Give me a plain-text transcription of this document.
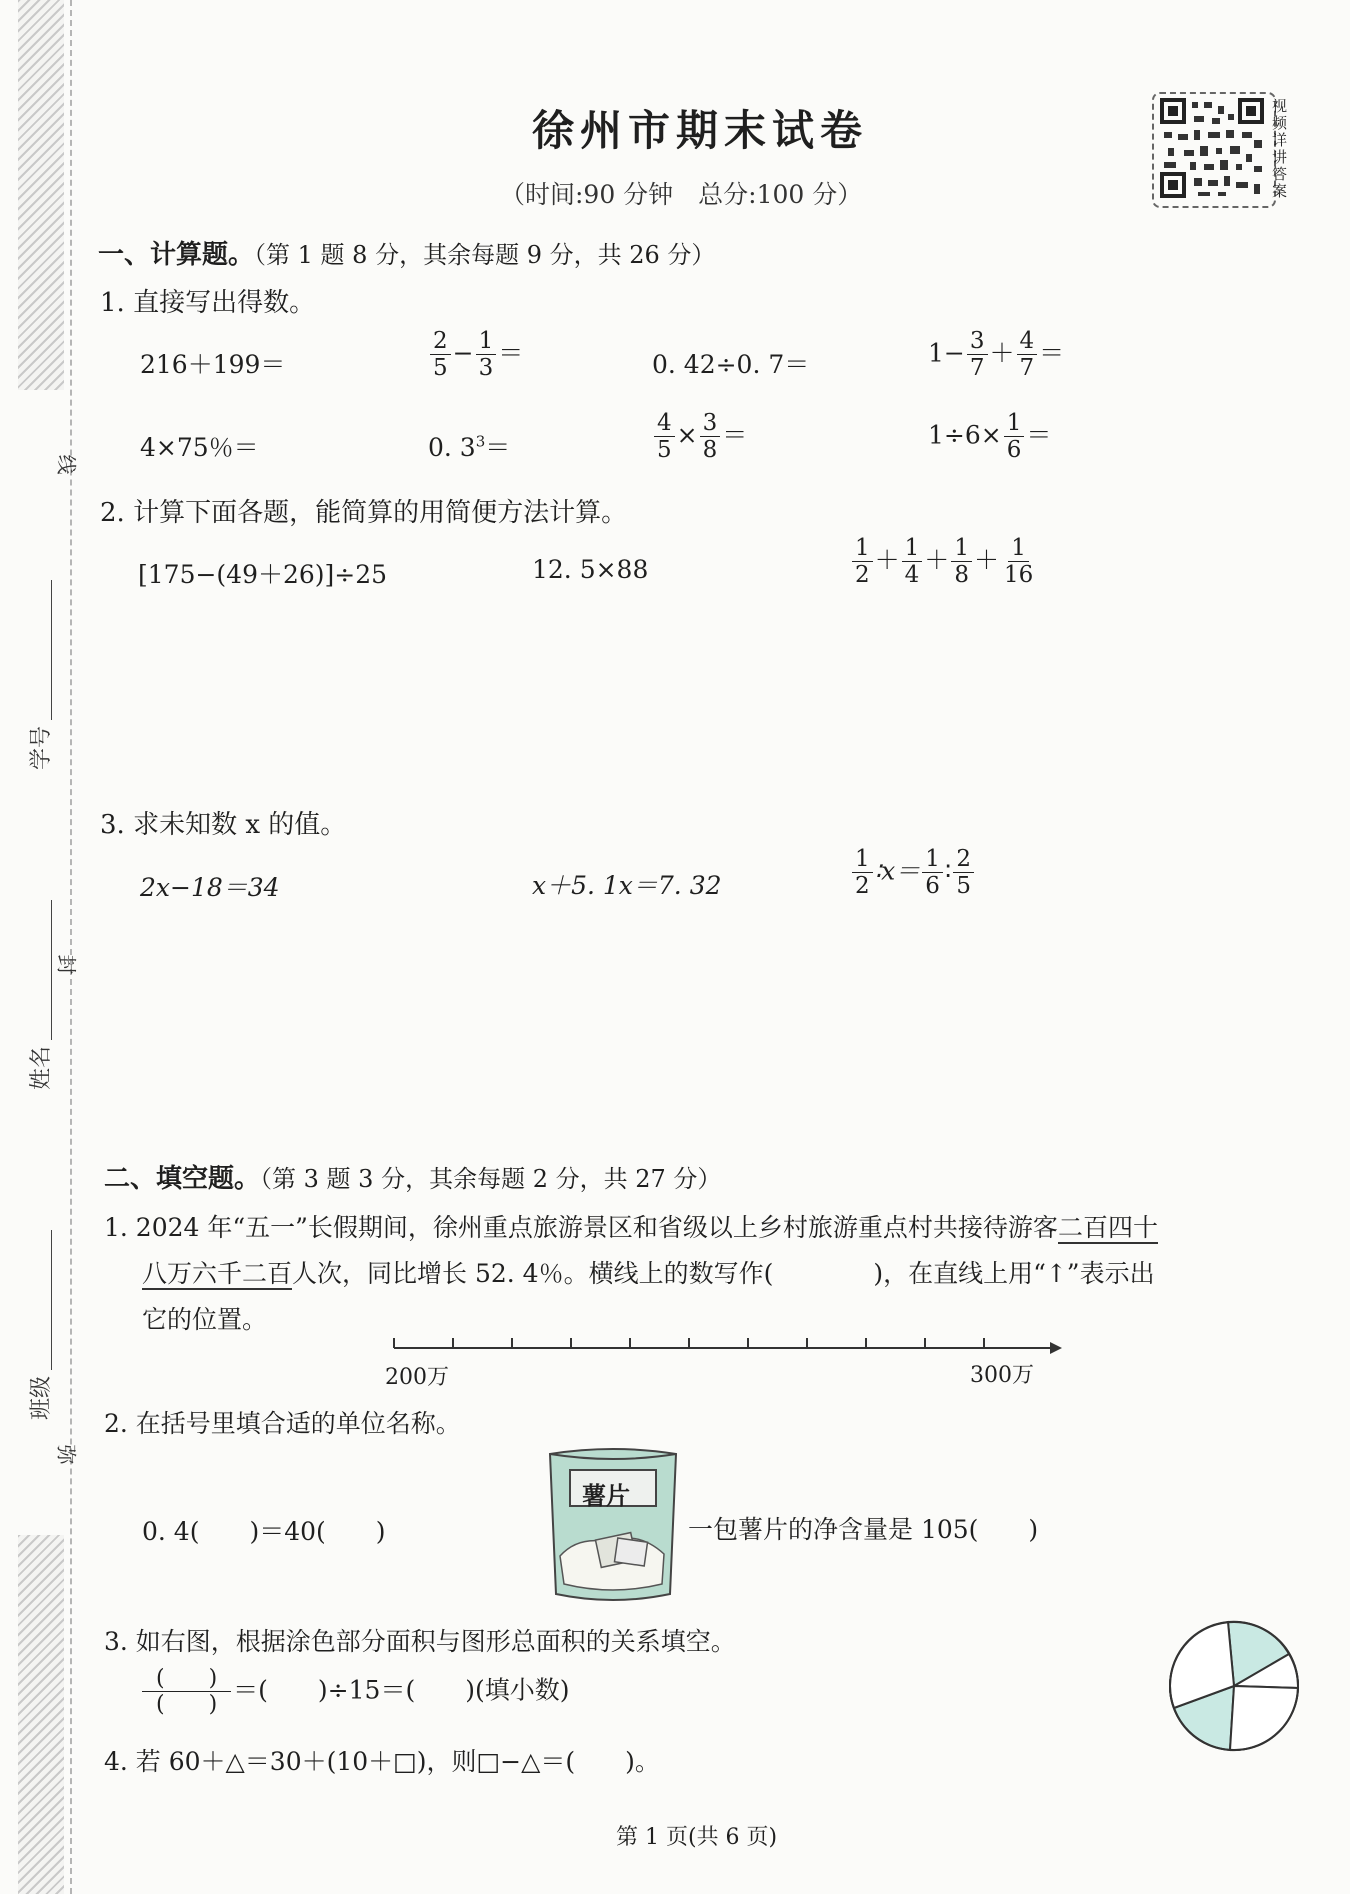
线
封
弥
学号
姓名
班级
徐州市期末试卷
（时间:90 分钟　总分:100 分）
视频详讲答案
一、计算题。（第 1 题 8 分，其余每题 9 分，共 26 分）
1. 直接写出得数。
216＋199＝	$\frac{2}{5} - \frac{1}{3}$ ＝	0. 42÷0. 7＝	$1- \frac{3}{7} + \frac{4}{7}$ ＝
4×75％＝	0. $3^3=$	$\frac{4}{5} \times \frac{3}{8}$ ＝	$1\div 6\times \frac{1}{6}$ ＝
2. 计算下面各题，能简算的用简便方法计算。
[175−(49＋26)]÷25	12. 5×88	$\frac{1}{2} + \frac{1}{4} + \frac{1}{8} + \frac{1}{16}$
3. 求未知数 x 的值。
2x−18＝34	x＋5. 1x＝7. 32	$\frac{1}{2}$ ∶x＝ $\frac{1}{6}$ ∶ $\frac{2}{5}$
二、填空题。（第 3 题 3 分，其余每题 2 分，共 27 分）
1. 2024 年“五一”长假期间，徐州重点旅游景区和省级以上乡村旅游重点村共接待游客二百四十
八万六千二百人次，同比增长 52. 4％。横线上的数写作(　　　　)，在直线上用“↑”表示出
它的位置。
200万	300万
2. 在括号里填合适的单位名称。
0. 4(　　)＝40(　　)
薯片
一包薯片的净含量是 105(　　)
3. 如右图，根据涂色部分面积与图形总面积的关系填空。
$\frac{( )}{( )}$ ＝(　　)÷15＝(　　)(填小数)
4. 若 60＋△＝30＋(10＋□)，则□−△＝(　　)。
第 1 页(共 6 页)
